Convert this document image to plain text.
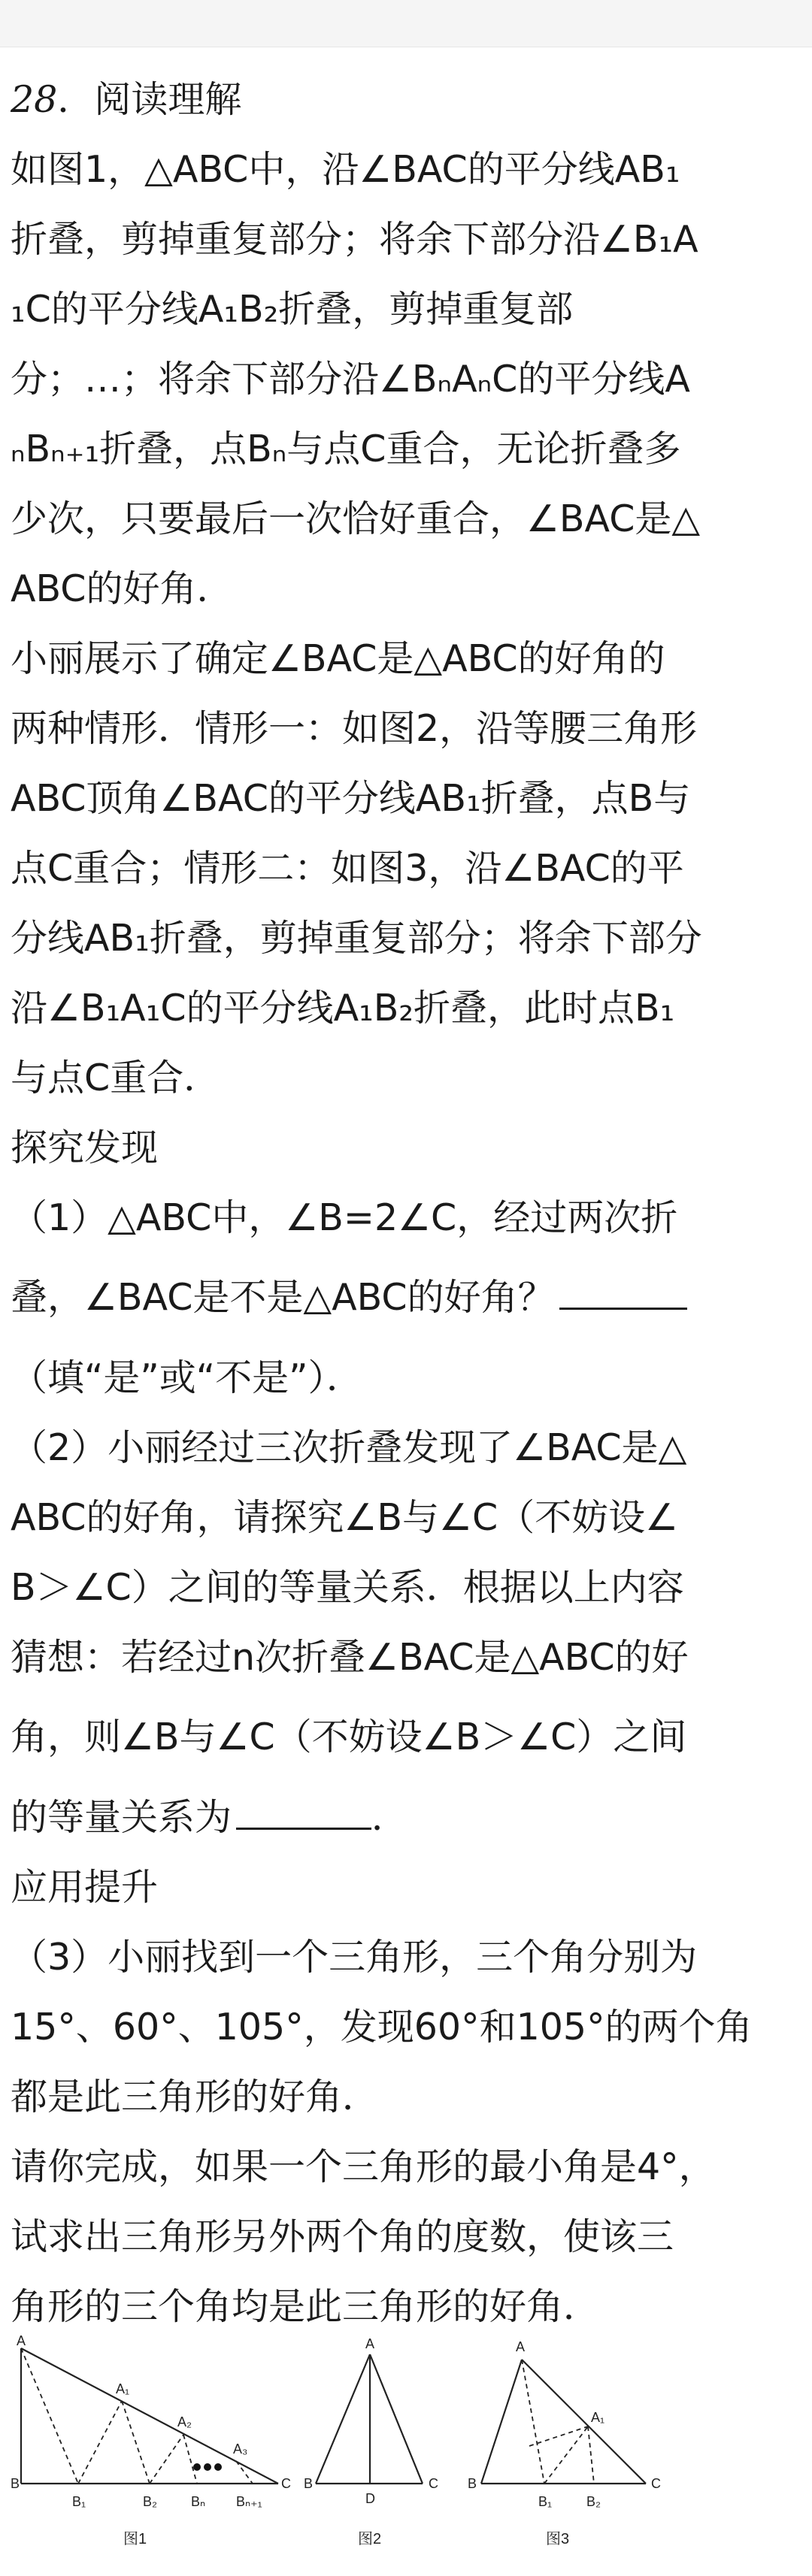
28．阅读理解
如图1，△ABC中，沿∠BAC的平分线AB₁
折叠，剪掉重复部分；将余下部分沿∠B₁A
₁C的平分线A₁B₂折叠，剪掉重复部
分；…；将余下部分沿∠BₙAₙC的平分线A
ₙBₙ₊₁折叠，点Bₙ与点C重合，无论折叠多
少次，只要最后一次恰好重合，∠BAC是△
ABC的好角．
小丽展示了确定∠BAC是△ABC的好角的
两种情形．情形一：如图2，沿等腰三角形
ABC顶角∠BAC的平分线AB₁折叠，点B与
点C重合；情形二：如图3，沿∠BAC的平
分线AB₁折叠，剪掉重复部分；将余下部分
沿∠B₁A₁C的平分线A₁B₂折叠，此时点B₁
与点C重合．
探究发现
（1）△ABC中，∠B=2∠C，经过两次折
叠，∠BAC是不是△ABC的好角？
（填“是”或“不是”）．
（2）小丽经过三次折叠发现了∠BAC是△
ABC的好角，请探究∠B与∠C（不妨设∠
B＞∠C）之间的等量关系．根据以上内容
猜想：若经过n次折叠∠BAC是△ABC的好
角，则∠B与∠C（不妨设∠B＞∠C）之间
的等量关系为	．
应用提升
（3）小丽找到一个三角形，三个角分别为
15°、60°、105°，发现60°和105°的两个角
都是此三角形的好角．
请你完成，如果一个三角形的最小角是4°，
试求出三角形另外两个角的度数，使该三
角形的三个角均是此三角形的好角．
A
A₁
A₂
A₃
B
B₁	B₂	Bₙ Bₙ₊₁
C
图1
A
B
D
C
图2
A
A₁
B
B₁	B₂
C
图3
